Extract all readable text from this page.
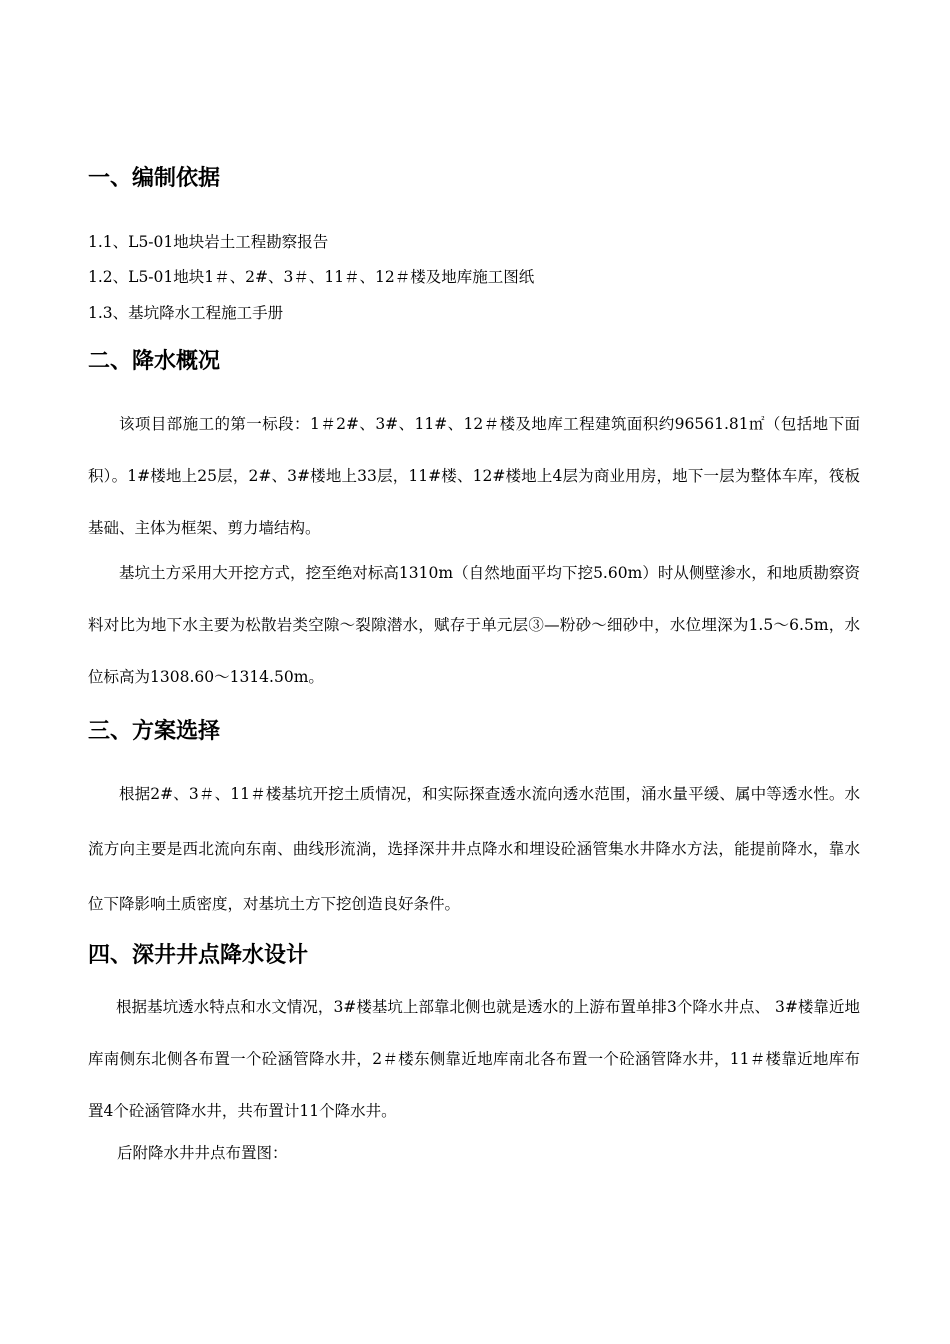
一、编制依据

1.1、L5-01地块岩土工程勘察报告

1.2、L5-01地块1＃、2#、3＃、11＃、12＃楼及地库施工图纸

1.3、基坑降水工程施工手册

二、降水概况

该项目部施工的第一标段：1＃2#、3#、11#、12＃楼及地库工程建筑面积约96561.81㎡（包括地下面积）。1#楼地上25层，2#、3#楼地上33层，11#楼、12#楼地上4层为商业用房，地下一层为整体车库，筏板基础、主体为框架、剪力墙结构。

基坑土方采用大开挖方式，挖至绝对标高1310m（自然地面平均下挖5.60m）时从侧壁渗水，和地质勘察资料对比为地下水主要为松散岩类空隙～裂隙潜水，赋存于单元层③—粉砂～细砂中，水位埋深为1.5～6.5m，水位标高为1308.60～1314.50m。

三、方案选择

根据2#、3＃、11＃楼基坑开挖土质情况，和实际探查透水流向透水范围，涌水量平缓、属中等透水性。水流方向主要是西北流向东南、曲线形流淌，选择深井井点降水和埋设砼涵管集水井降水方法，能提前降水，靠水位下降影响土质密度，对基坑土方下挖创造良好条件。

四、深井井点降水设计

根据基坑透水特点和水文情况，3#楼基坑上部靠北侧也就是透水的上游布置单排3个降水井点、 3#楼靠近地库南侧东北侧各布置一个砼涵管降水井，2＃楼东侧靠近地库南北各布置一个砼涵管降水井，11＃楼靠近地库布置4个砼涵管降水井，共布置计11个降水井。

后附降水井井点布置图：
